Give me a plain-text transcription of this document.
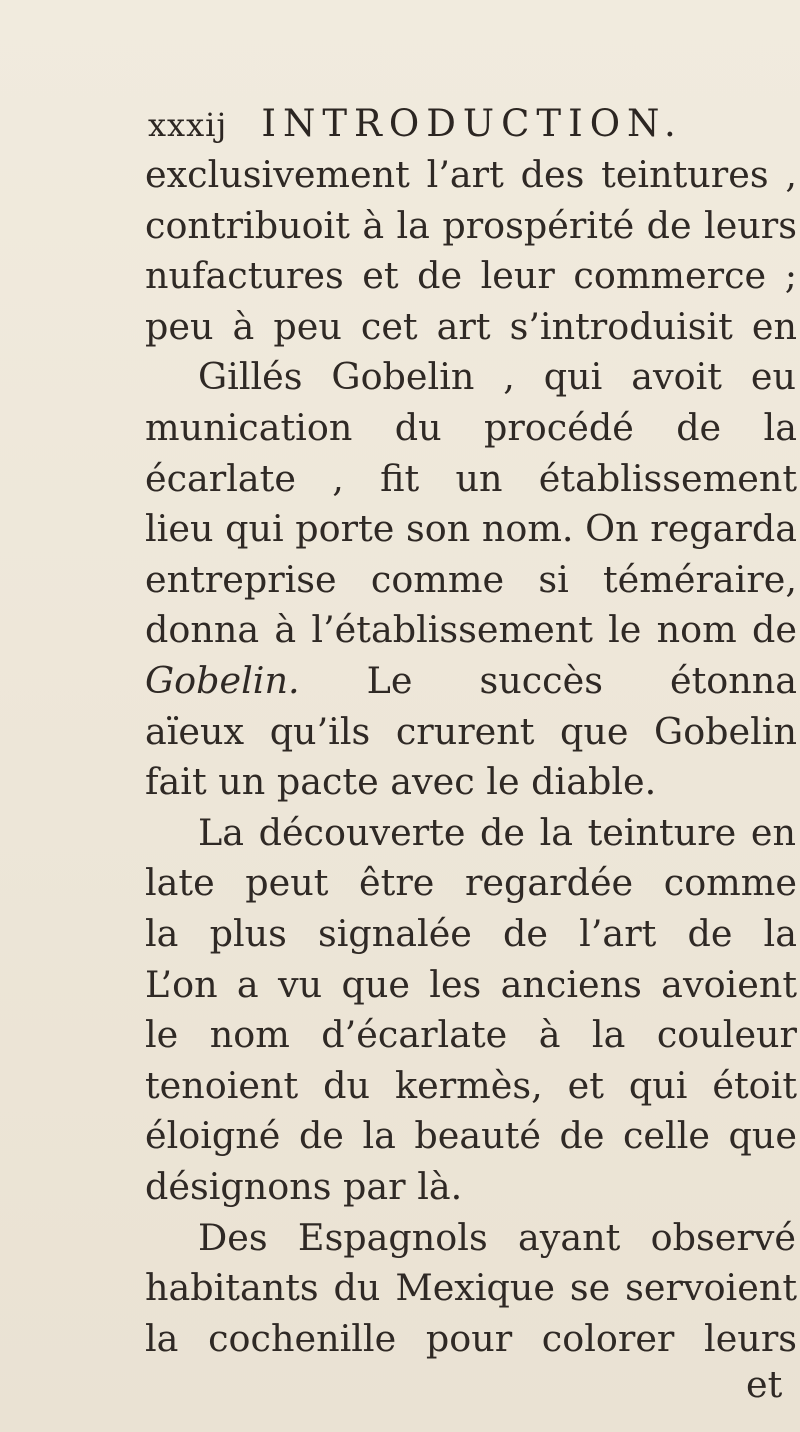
xxxij INTRODUCTION.
exclusivement l’art des teintures ,
contribuoit à la prospérité de leurs
nufactures et de leur commerce ;
peu à peu cet art s’introduisit en
Gillés Gobelin , qui avoit eu
munication du procédé de la
écarlate , fit un établissement
lieu qui porte son nom. On regarda
entreprise comme si téméraire,
donna à l’établissement le nom de
Gobelin. Le succès étonna
aïeux qu’ils crurent que Gobelin
fait un pacte avec le diable.
La découverte de la teinture en
late peut être regardée comme
la plus signalée de l’art de la
L’on a vu que les anciens avoient
le nom d’écarlate à la couleur
tenoient du kermès, et qui étoit
éloigné de la beauté de celle que
désignons par là.
Des Espagnols ayant observé
habitants du Mexique se servoient
la cochenille pour colorer leurs
et
